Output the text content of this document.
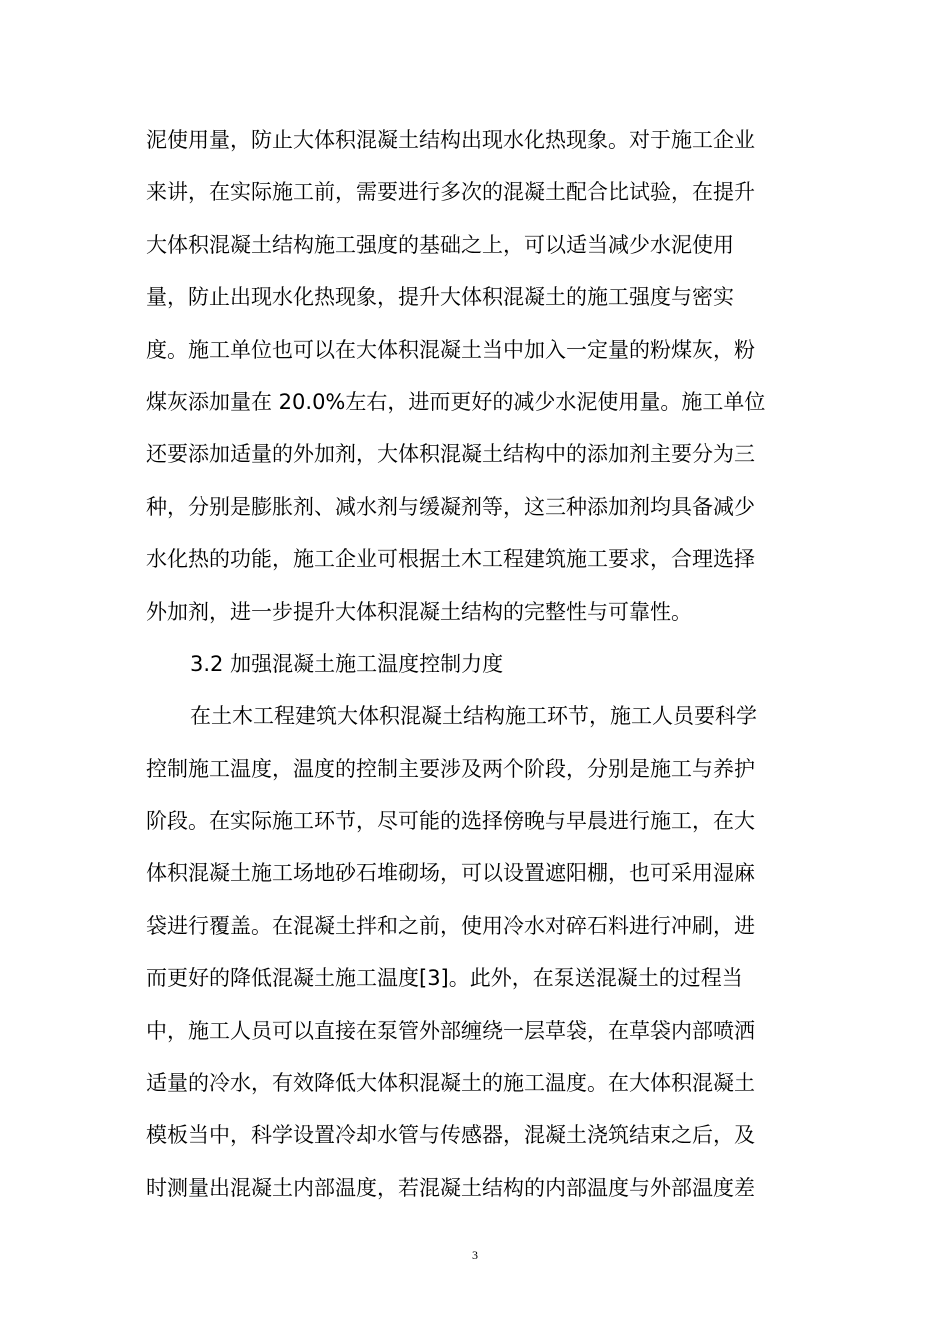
泥使用量，防止大体积混凝土结构出现水化热现象。对于施工企业
来讲，在实际施工前，需要进行多次的混凝土配合比试验，在提升
大体积混凝土结构施工强度的基础之上，可以适当减少水泥使用
量，防止出现水化热现象，提升大体积混凝土的施工强度与密实
度。施工单位也可以在大体积混凝土当中加入一定量的粉煤灰，粉
煤灰添加量在 20.0%左右，进而更好的减少水泥使用量。施工单位
还要添加适量的外加剂，大体积混凝土结构中的添加剂主要分为三
种，分别是膨胀剂、减水剂与缓凝剂等，这三种添加剂均具备减少
水化热的功能，施工企业可根据土木工程建筑施工要求，合理选择
外加剂，进一步提升大体积混凝土结构的完整性与可靠性。
3.2 加强混凝土施工温度控制力度
在土木工程建筑大体积混凝土结构施工环节，施工人员要科学
控制施工温度，温度的控制主要涉及两个阶段，分别是施工与养护
阶段。在实际施工环节，尽可能的选择傍晚与早晨进行施工，在大
体积混凝土施工场地砂石堆砌场，可以设置遮阳棚，也可采用湿麻
袋进行覆盖。在混凝土拌和之前，使用冷水对碎石料进行冲刷，进
而更好的降低混凝土施工温度[3]。此外，在泵送混凝土的过程当
中，施工人员可以直接在泵管外部缠绕一层草袋，在草袋内部喷洒
适量的冷水，有效降低大体积混凝土的施工温度。在大体积混凝土
模板当中，科学设置冷却水管与传感器，混凝土浇筑结束之后，及
时测量出混凝土内部温度，若混凝土结构的内部温度与外部温度差
3
